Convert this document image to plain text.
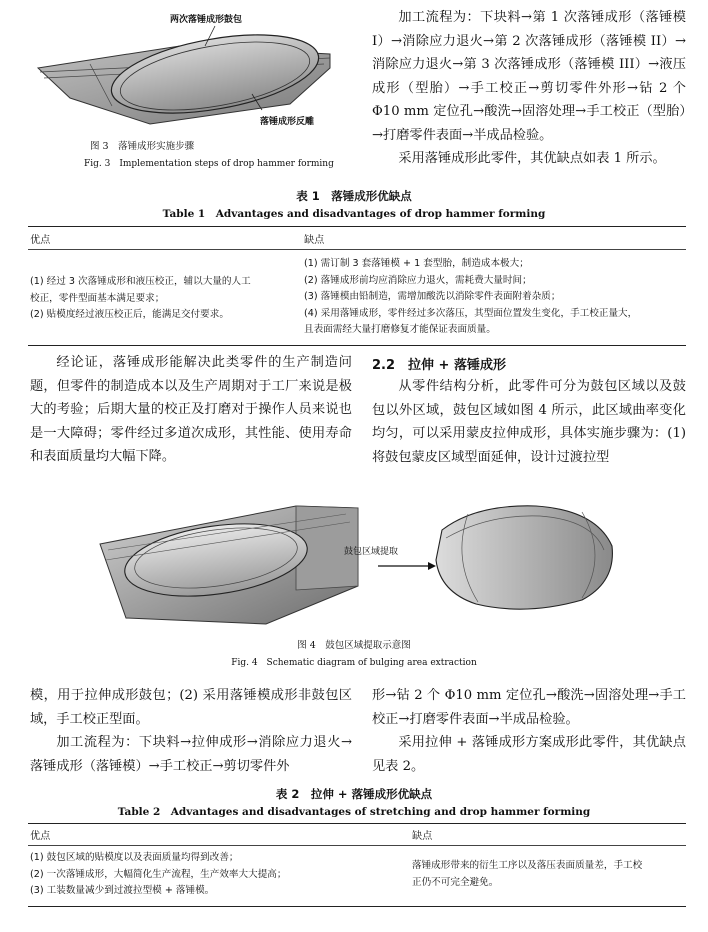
两次落锤成形鼓包
落锤成形反雕
图 3　落锤成形实施步骤
Fig. 3　Implementation steps of drop hammer forming

加工流程为：下块料→第 1 次落锤成形（落锤模 I）→消除应力退火→第 2 次落锤成形（落锤模 II）→消除应力退火→第 3 次落锤成形（落锤模 III）→液压成形（型胎）→手工校正→剪切零件外形→钻 2 个 Φ10 mm 定位孔→酸洗→固溶处理→手工校正（型胎）→打磨零件表面→半成品检验。

采用落锤成形此零件，其优缺点如表 1 所示。

表 1　落锤成形优缺点
Table 1　Advantages and disadvantages of drop hammer forming
优点	缺点
(1) 经过 3 次落锤成形和液压校正，辅以大量的人工
校正，零件型面基本满足要求；
(2) 贴模度经过液压校正后，能满足交付要求。
(1) 需订制 3 套落锤模 + 1 套型胎，制造成本极大；
(2) 落锤成形前均应消除应力退火，需耗费大量时间；
(3) 落锤模由铅制造，需增加酸洗以消除零件表面附着杂质；
(4) 采用落锤成形，零件经过多次落压，其型面位置发生变化，手工校正量大，
且表面需经大量打磨修复才能保证表面质量。

经论证，落锤成形能解决此类零件的生产制造问题，但零件的制造成本以及生产周期对于工厂来说是极大的考验；后期大量的校正及打磨对于操作人员来说也是一大障碍；零件经过多道次成形，其性能、使用寿命和表面质量均大幅下降。

2.2　拉伸 + 落锤成形

从零件结构分析，此零件可分为鼓包区域以及鼓包以外区域，鼓包区域如图 4 所示，此区域曲率变化均匀，可以采用蒙皮拉伸成形，具体实施步骤为：(1) 将鼓包蒙皮区域型面延伸，设计过渡拉型

鼓包区域提取
图 4　鼓包区域提取示意图
Fig. 4　Schematic diagram of bulging area extraction

模，用于拉伸成形鼓包；(2) 采用落锤模成形非鼓包区域，手工校正型面。

加工流程为：下块料→拉伸成形→消除应力退火→落锤成形（落锤模）→手工校正→剪切零件外

形→钻 2 个 Φ10 mm 定位孔→酸洗→固溶处理→手工校正→打磨零件表面→半成品检验。

采用拉伸 + 落锤成形方案成形此零件，其优缺点见表 2。

表 2　拉伸 + 落锤成形优缺点
Table 2　Advantages and disadvantages of stretching and drop hammer forming
优点	缺点
(1) 鼓包区域的贴模度以及表面质量均得到改善；
(2) 一次落锤成形，大幅简化生产流程，生产效率大大提高；
(3) 工装数量减少到过渡拉型模 + 落锤模。
落锤成形带来的衍生工序以及落压表面质量差，手工校
正仍不可完全避免。
